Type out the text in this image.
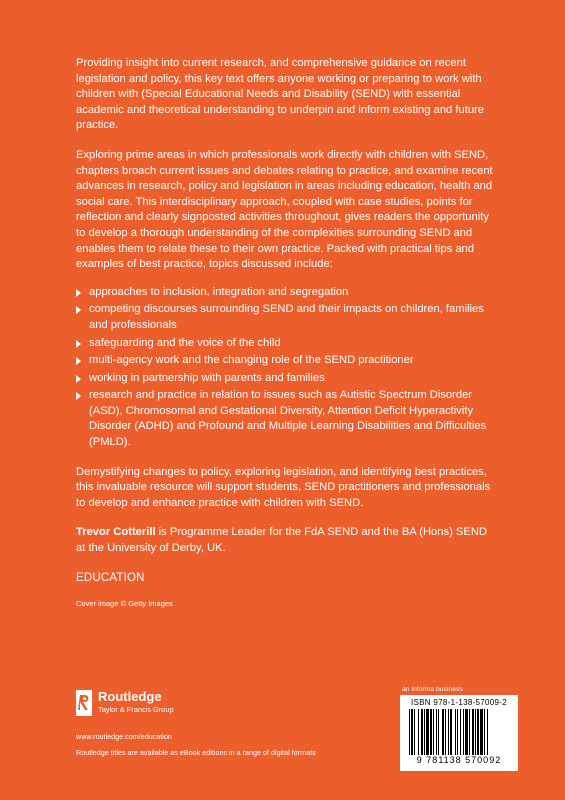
Providing insight into current research, and comprehensive guidance on recent legislation and policy, this key text offers anyone working or preparing to work with children with (Special Educational Needs and Disability (SEND) with essential academic and theoretical understanding to underpin and inform existing and future practice.

Exploring prime areas in which professionals work directly with children with SEND, chapters broach current issues and debates relating to practice, and examine recent advances in research, policy and legislation in areas including education, health and social care. This interdisciplinary approach, coupled with case studies, points for reflection and clearly signposted activities throughout, gives readers the opportunity to develop a thorough understanding of the complexities surrounding SEND and enables them to relate these to their own practice. Packed with practical tips and examples of best practice, topics discussed include:

approaches to inclusion, integration and segregation
competing discourses surrounding SEND and their impacts on children, families and professionals
safeguarding and the voice of the child
multi-agency work and the changing role of the SEND practitioner
working in partnership with parents and families
research and practice in relation to issues such as Autistic Spectrum Disorder (ASD), Chromosomal and Gestational Diversity, Attention Deficit Hyperactivity Disorder (ADHD) and Profound and Multiple Learning Disabilities and Difficulties (PMLD).

Demystifying changes to policy, exploring legislation, and identifying best practices, this invaluable resource will support students, SEND practitioners and professionals to develop and enhance practice with children with SEND.

Trevor Cotterill is Programme Leader for the FdA SEND and the BA (Hons) SEND at the University of Derby, UK.

EDUCATION
Cover image © Getty Images
Routledge
Taylor & Francis Group
www.routledge.com/education
Routledge titles are available as eBook editions in a range of digital formats
an informa business
ISBN 978-1-138-57009-2
9 781138 570092
